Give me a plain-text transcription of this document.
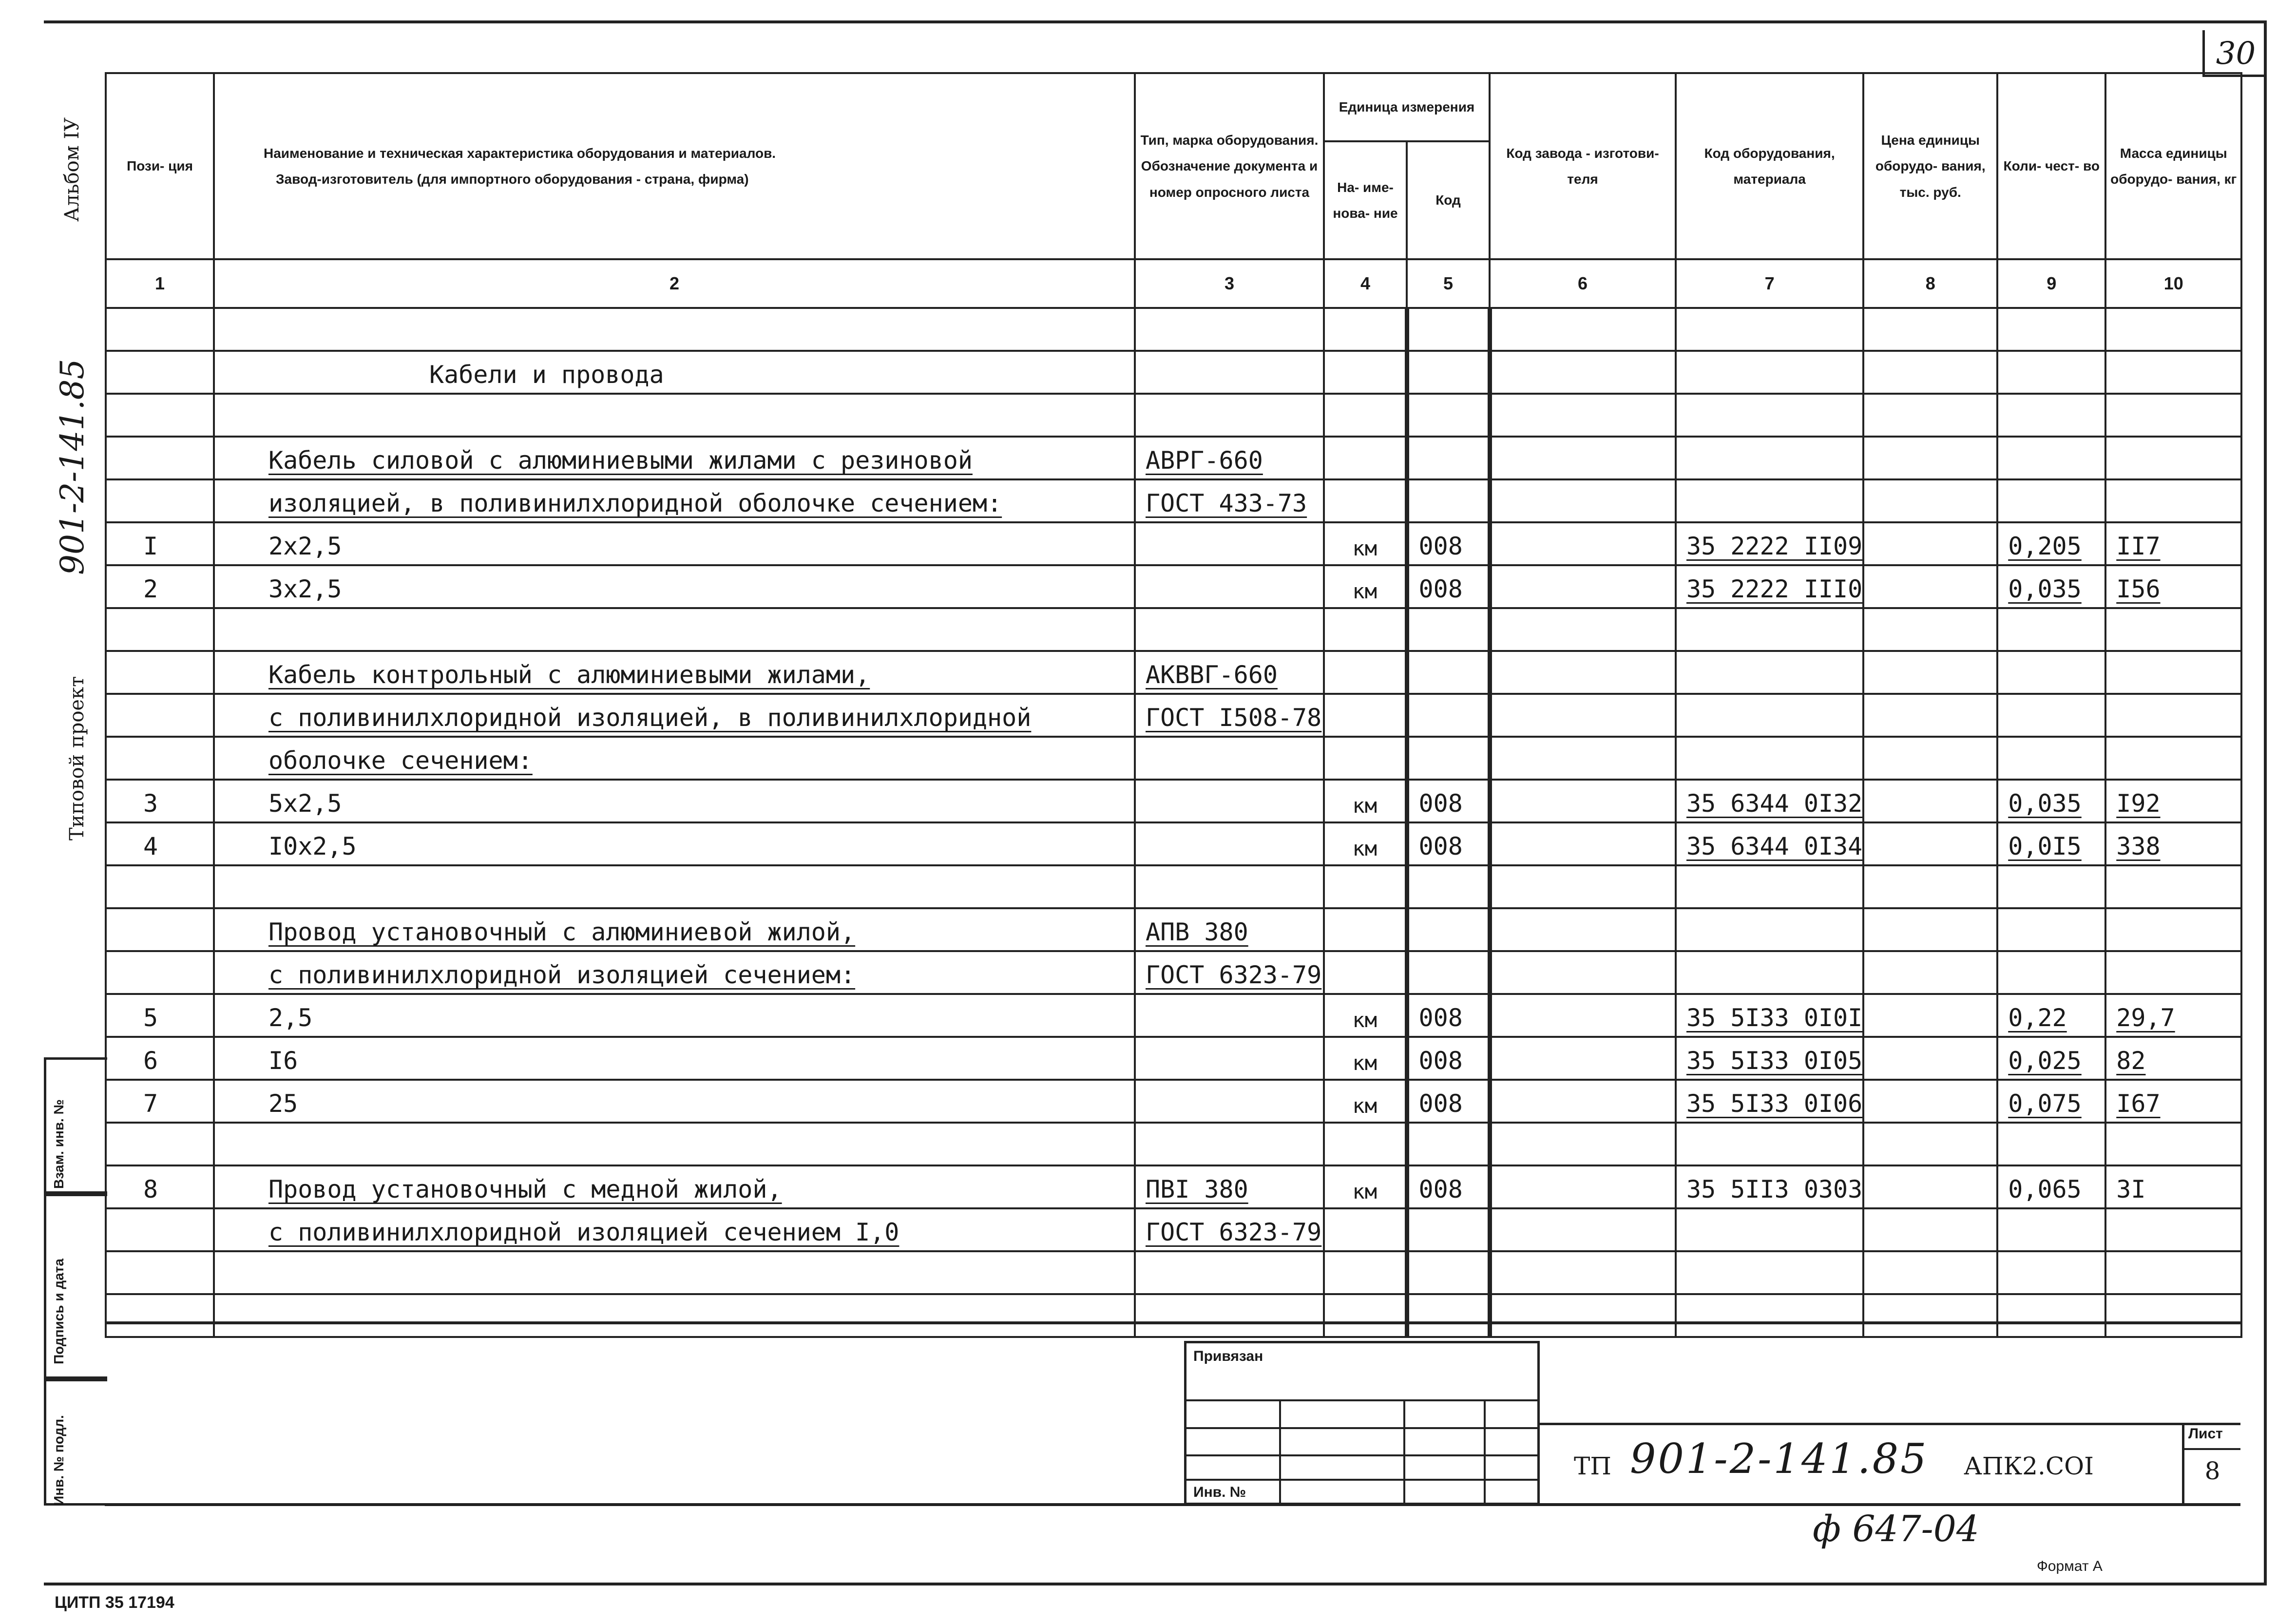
30
Альбом IУ
901-2-141.85
Типовой проект
Взам. инв. №
Подпись и дата
Инв. № подл.
Пози- ция	Наименование и техническая характеристика оборудования и материалов.
Завод-изготовитель (для импортного оборудования - страна, фирма)	Тип, марка оборудования. Обозначение документа и номер опросного листа	Единица измерения		Код завода - изготови- теля	Код оборудования, материала	Цена единицы оборудо- вания, тыс. руб.	Коли- чест- во	Масса единицы оборудо- вания, кг
			На- име- нова- ние	Код					
1	2	3	4	5	6	7	8	9	10

	Кабели и провода								

	Кабель силовой с алюминиевыми жилами с резиновой	АВРГ-660							
	изоляцией, в поливинилхлоридной оболочке сечением:	ГОСТ 433-73							
I	2х2,5		км	008		35 2222 II09		0,205	II7
2	3х2,5		км	008		35 2222 III0		0,035	I56

	Кабель контрольный с алюминиевыми жилами,	АКВВГ-660							
	с поливинилхлоридной изоляцией, в поливинилхлоридной	ГОСТ I508-78							
	оболочке сечением:								
3	5х2,5		км	008		35 6344 0I32		0,035	I92
4	I0х2,5		км	008		35 6344 0I34		0,0I5	338

	Провод установочный с алюминиевой жилой,	АПВ 380							
	с поливинилхлоридной изоляцией сечением:	ГОСТ 6323-79							
5	2,5		км	008		35 5I33 0I0I		0,22	29,7
6	I6		км	008		35 5I33 0I05		0,025	82
7	25		км	008		35 5I33 0I06		0,075	I67

8	Провод установочный с медной жилой,	ПВI 380	км	008		35 5II3 0303		0,065	3I
	с поливинилхлоридной изоляцией сечением I,0	ГОСТ 6323-79							

Привязан
Инв. №
ТП 901-2-141.85 АПК2.СОI
Лист
8
ф 647-04
Формат А
ЦИТП 35 17194
